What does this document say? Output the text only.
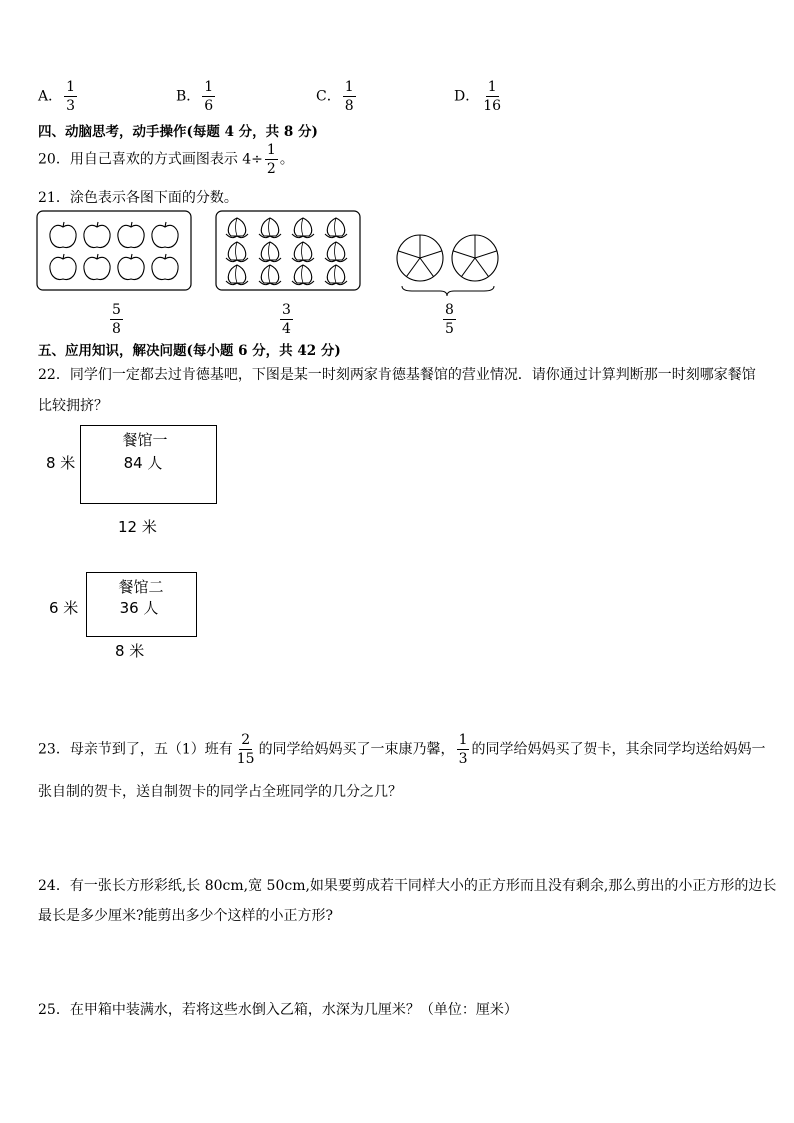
A． $\frac{1}{3}$	B． $\frac{1}{6}$	C． $\frac{1}{8}$	D． $\frac{1}{16}$
四、动脑思考，动手操作(每题 4 分，共 8 分)
20．用自己喜欢的方式画图表示 $4\div \frac{1}{2}$ 。
21．涂色表示各图下面的分数。
$\frac{5}{8}$	$\frac{3}{4}$	$\frac{8}{5}$
五、应用知识，解决问题(每小题 6 分，共 42 分)
22．同学们一定都去过肯德基吧，下图是某一时刻两家肯德基餐馆的营业情况．请你通过计算判断那一时刻哪家餐馆
比较拥挤？
餐馆一
84 人
8 米
12 米
餐馆二
36 人
6 米
8 米
23．母亲节到了，五（1）班有 $\frac{2}{15}$ 的同学给妈妈买了一束康乃馨， $\frac{1}{3}$ 的同学给妈妈买了贺卡，其余同学均送给妈妈一
张自制的贺卡，送自制贺卡的同学占全班同学的几分之几？
24．有一张长方形彩纸,长 80cm,宽 50cm,如果要剪成若干同样大小的正方形而且没有剩余,那么剪出的小正方形的边长
最长是多少厘米?能剪出多少个这样的小正方形?
25．在甲箱中装满水，若将这些水倒入乙箱，水深为几厘米？（单位：厘米）
